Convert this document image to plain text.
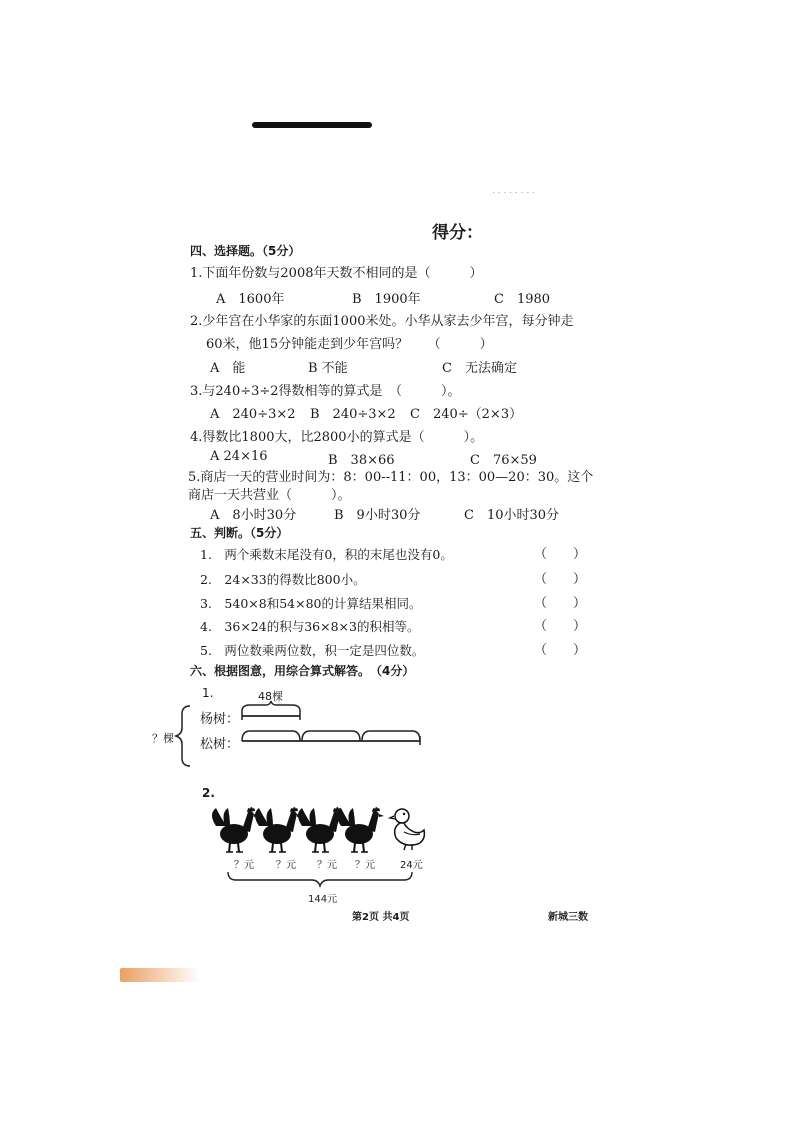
. . . . . . . .
得分：
四、选择题。（5分）
1.下面年份数与2008年天数不相同的是（　　　）
A　1600年	B　1900年	C　1980
2.少年宫在小华家的东面1000米处。小华从家去少年宫，每分钟走
60米，他15分钟能走到少年宫吗？　　（　　　）
A　能	B 不能	C　无法确定
3.与240÷3÷2得数相等的算式是　（　　　）。
A　240÷3×2 B　240÷3×2 C　240÷（2×3）
4.得数比1800大，比2800小的算式是（　　　）。
A 24×16	B　38×66	C　76×59
5.商店一天的营业时间为：8：00--11：00，13：00—20：30。这个
商店一天共营业（　　　）。
A　8小时30分	B　9小时30分	C　10小时30分
五、判断。（5分）
1.　两个乘数末尾没有0，积的末尾也没有0。	（　　）
2.　24×33的得数比800小。	（　　）
3.　540×8和54×80的计算结果相同。	（　　）
4.　36×24的积与36×8×3的积相等。	（　　）
5.　两位数乘两位数，积一定是四位数。	（　　）
六、根据图意，用综合算式解答。　（4分）
1.	48棵
杨树：
松树：
？棵
2.
？元 ？元 ？元 ？元	24元
144元
第2页 共4页	新城三数
